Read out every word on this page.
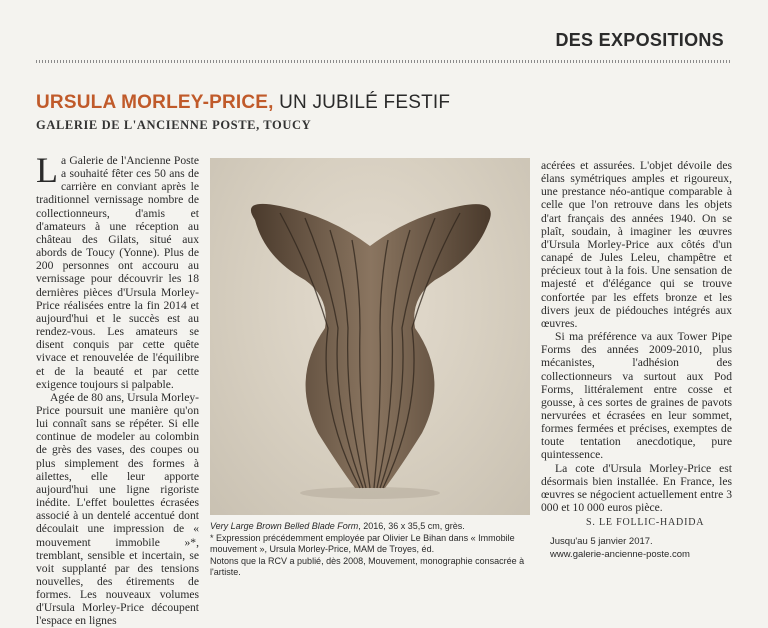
DES EXPOSITIONS
URSULA MORLEY-PRICE, UN JUBILÉ FESTIF
GALERIE DE L'ANCIENNE POSTE, TOUCY

La Galerie de l'Ancienne Poste a souhaité fêter ces 50 ans de carrière en conviant après le traditionnel vernissage nombre de collectionneurs, d'amis et d'amateurs à une réception au château des Gilats, situé aux abords de Toucy (Yonne). Plus de 200 personnes ont accouru au vernissage pour découvrir les 18 dernières pièces d'Ursula Morley-Price réalisées entre la fin 2014 et aujourd'hui et le succès est au rendez-vous. Les amateurs se disent conquis par cette quête vivace et renouvelée de l'équilibre et de la beauté et par cette exigence toujours si palpable.

Agée de 80 ans, Ursula Morley-Price poursuit une manière qu'on lui connaît sans se répéter. Si elle continue de modeler au colombin de grès des vases, des coupes ou plus simplement des formes à ailettes, elle leur apporte aujourd'hui une ligne rigoriste inédite. L'effet boulettes écrasées associé à un dentelé accentué dont découlait une impression de « mouvement immobile »*, tremblant, sensible et incertain, se voit supplanté par des tensions nouvelles, des étirements de formes. Les nouveaux volumes d'Ursula Morley-Price découpent l'espace en lignes

acérées et assurées. L'objet dévoile des élans symétriques amples et rigoureux, une prestance néo-antique comparable à celle que l'on retrouve dans les objets d'art français des années 1940. On se plaît, soudain, à imaginer les œuvres d'Ursula Morley-Price aux côtés d'un canapé de Jules Leleu, champêtre et précieux tout à la fois. Une sensation de majesté et d'élégance qui se trouve confortée par les effets bronze et les divers jeux de piédouches intégrés aux œuvres.

Si ma préférence va aux Tower Pipe Forms des années 2009-2010, plus mécanistes, l'adhésion des collectionneurs va surtout aux Pod Forms, littéralement entre cosse et gousse, à ces sortes de graines de pavots nervurées et écrasées en leur sommet, formes fermées et précises, exemptes de toute tentation anecdotique, pure quintessence.

La cote d'Ursula Morley-Price est désormais bien installée. En France, les œuvres se négocient actuellement entre 3 000 et 10 000 euros pièce.

Very Large Brown Belled Blade Form, 2016, 36 x 35,5 cm, grès.
* Expression précédemment employée par Olivier Le Bihan dans « Immobile mouvement », Ursula Morley-Price, MAM de Troyes, éd.
Notons que la RCV a publié, dès 2008, Mouvement, monographie consacrée à l'artiste.
S. LE FOLLIC-HADIDA
Jusqu'au 5 janvier 2017.
www.galerie-ancienne-poste.com
